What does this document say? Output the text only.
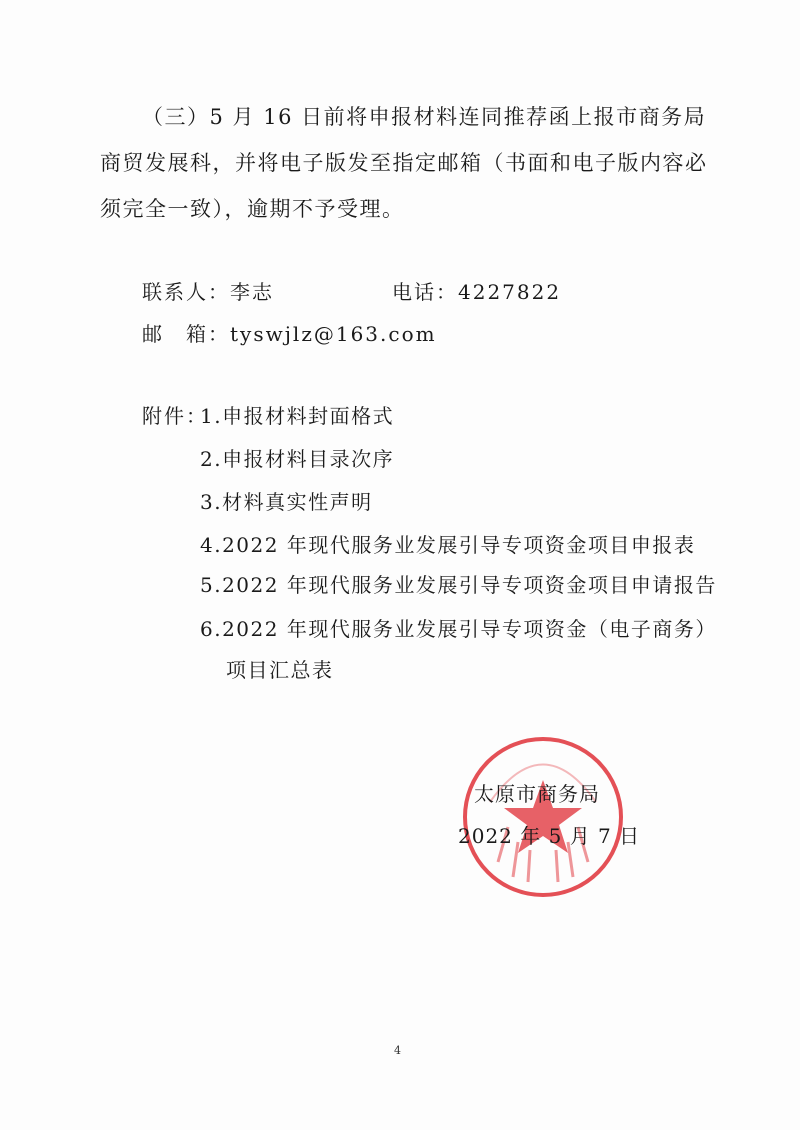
（三）5 月 16 日前将申报材料连同推荐函上报市商务局商贸发展科，并将电子版发至指定邮箱（书面和电子版内容必须完全一致），逾期不予受理。

联系人：李志	电话：4227822
邮　箱：tyswjlz@163.com
附件：
1.申报材料封面格式
2.申报材料目录次序
3.材料真实性声明
4.2022 年现代服务业发展引导专项资金项目申报表
5.2022 年现代服务业发展引导专项资金项目申请报告
6.2022 年现代服务业发展引导专项资金（电子商务）
项目汇总表
太原市商务局
2022 年 5 月 7 日
4
